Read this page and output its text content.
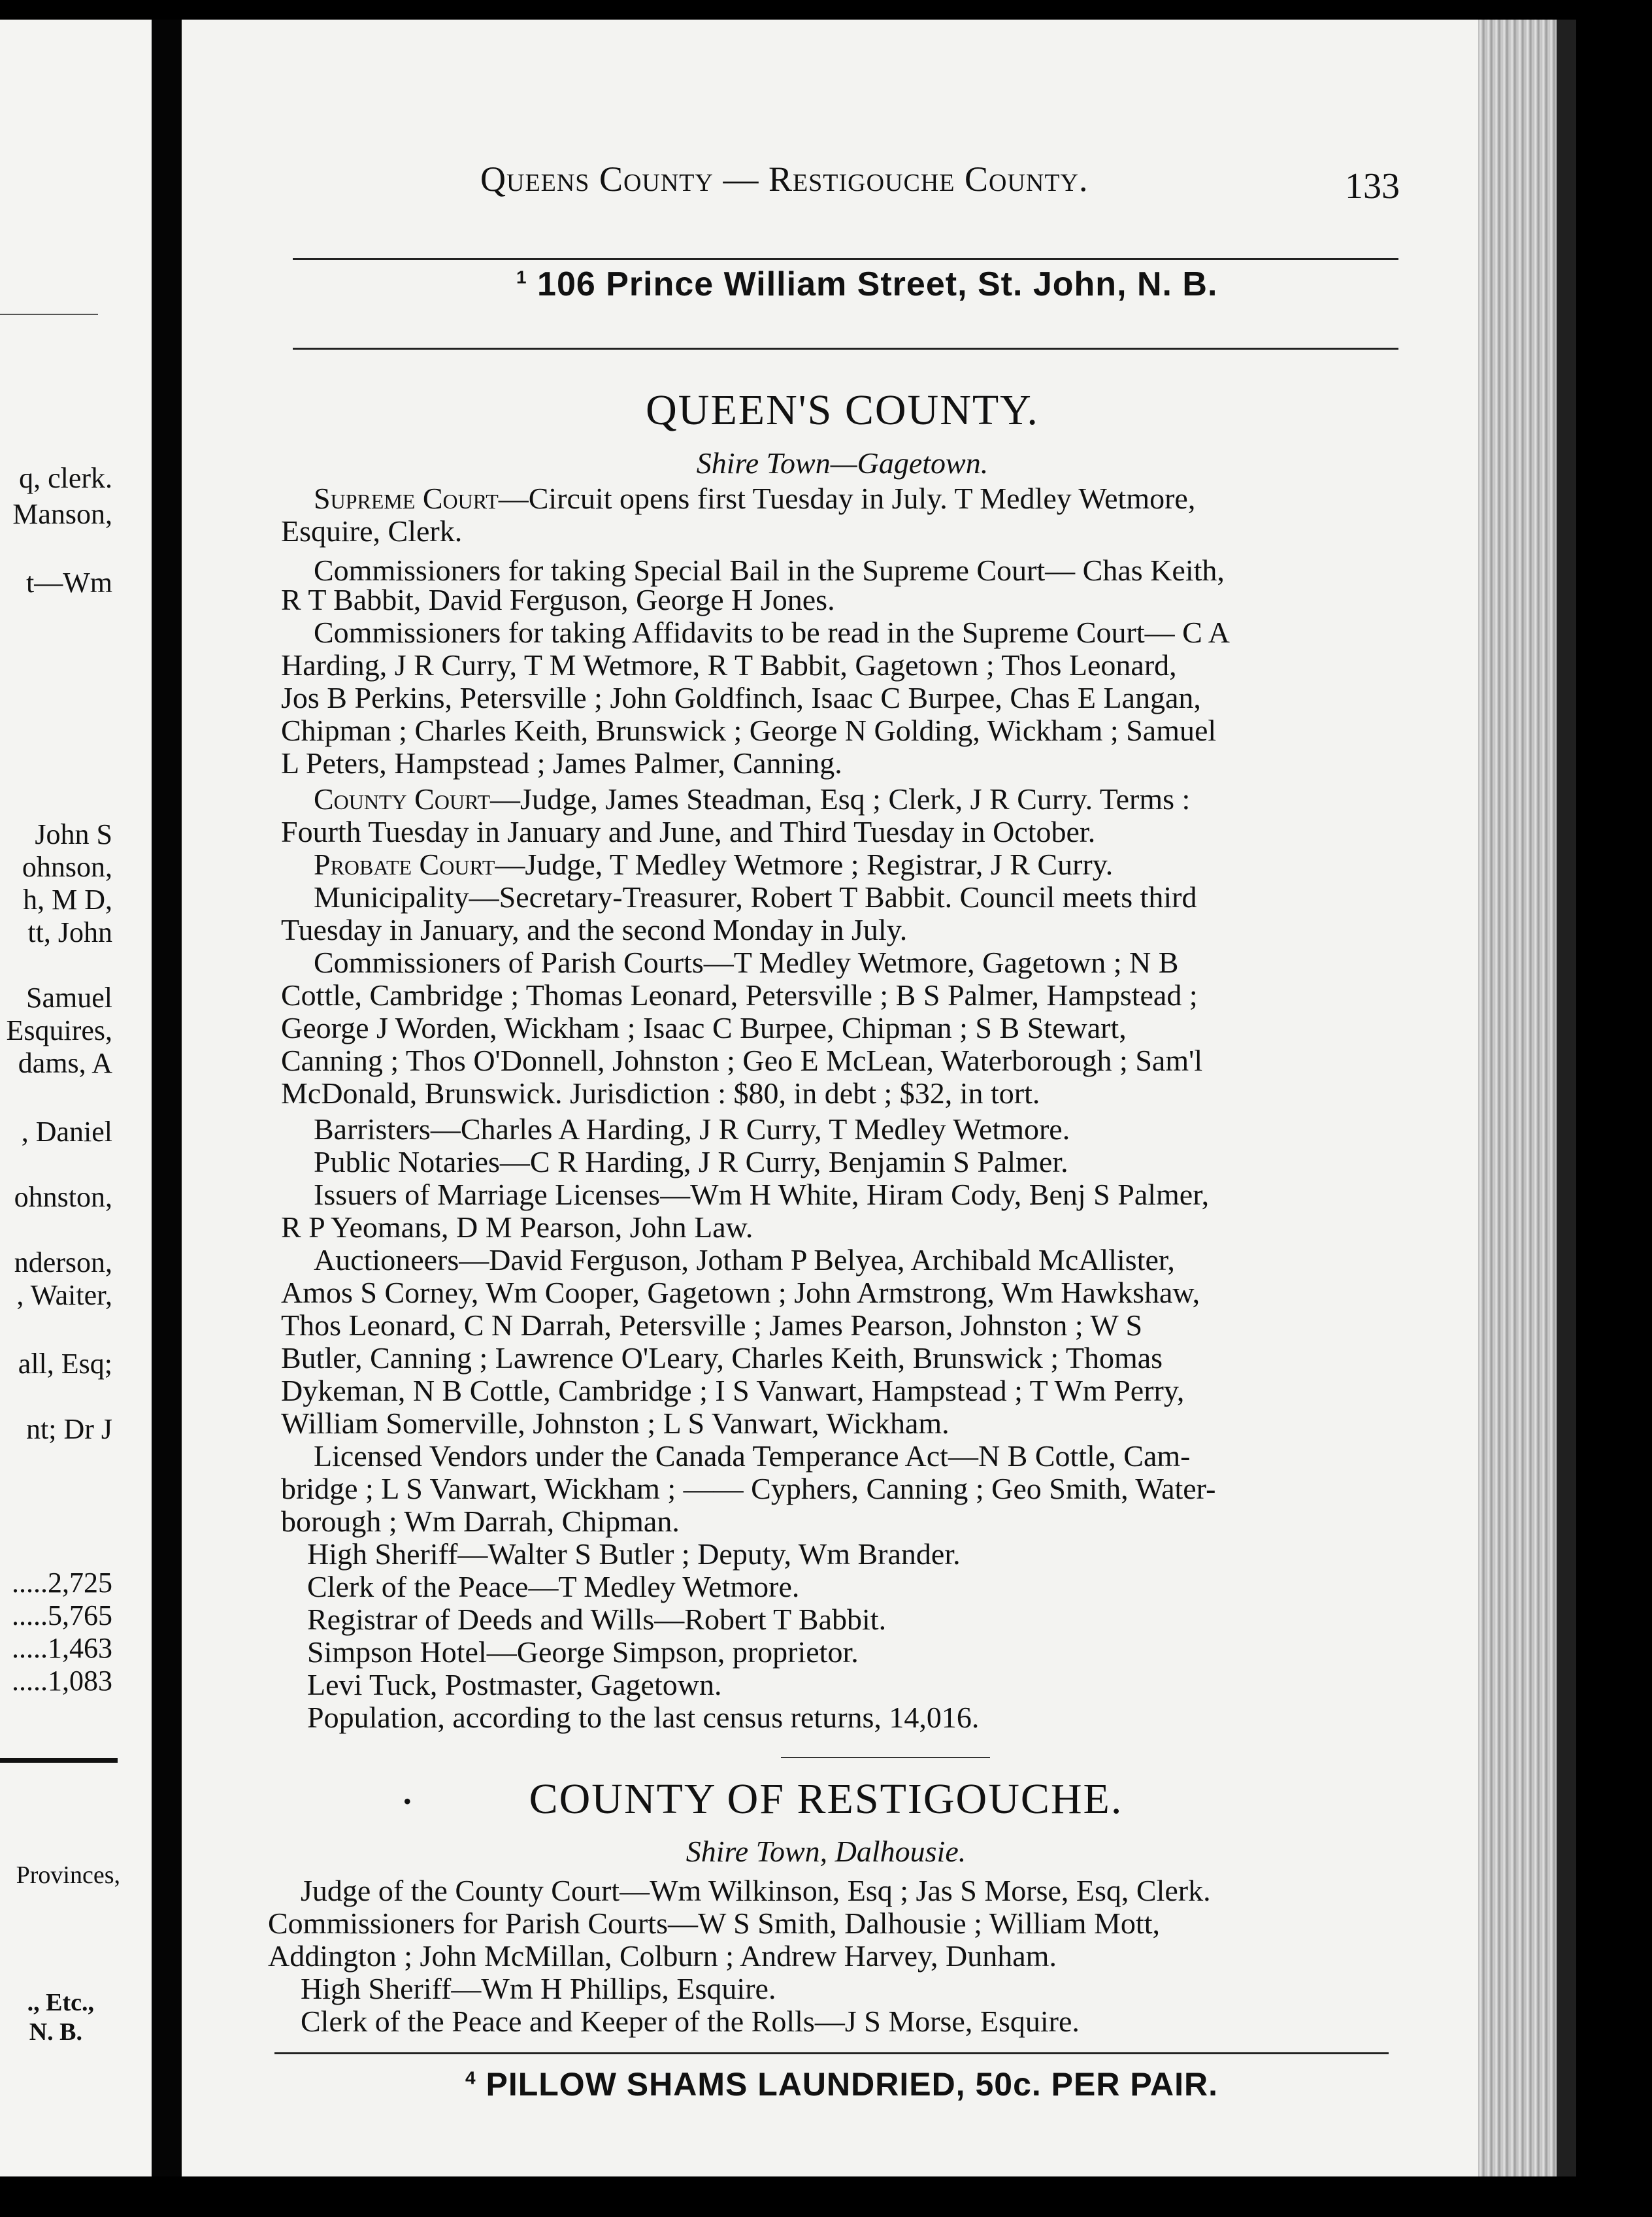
q, clerk.
Manson,
t—Wm
John S
ohnson,
h, M D,
tt, John
Samuel
Esquires,
dams, A
, Daniel
ohnston,
nderson,
, Waiter,
all, Esq;
nt; Dr J
.....2,725
.....5,765
.....1,463
.....1,083
Provinces,
., Etc.,
N. B.
Queens County — Restigouche County.	133
$^1$ 106 Prince William Street, St. John, N. B.
QUEEN'S COUNTY.
Shire Town—Gagetown.
Supreme Court—Circuit opens first Tuesday in July. T Medley Wetmore,
Esquire, Clerk.
Commissioners for taking Special Bail in the Supreme Court— Chas Keith,
R T Babbit, David Ferguson, George H Jones.
Commissioners for taking Affidavits to be read in the Supreme Court— C A
Harding, J R Curry, T M Wetmore, R T Babbit, Gagetown ; Thos Leonard,
Jos B Perkins, Petersville ; John Goldfinch, Isaac C Burpee, Chas E Langan,
Chipman ; Charles Keith, Brunswick ; George N Golding, Wickham ; Samuel
L Peters, Hampstead ; James Palmer, Canning.
County Court—Judge, James Steadman, Esq ; Clerk, J R Curry. Terms :
Fourth Tuesday in January and June, and Third Tuesday in October.
Probate Court—Judge, T Medley Wetmore ; Registrar, J R Curry.
Municipality—Secretary-Treasurer, Robert T Babbit. Council meets third
Tuesday in January, and the second Monday in July.
Commissioners of Parish Courts—T Medley Wetmore, Gagetown ; N B
Cottle, Cambridge ; Thomas Leonard, Petersville ; B S Palmer, Hampstead ;
George J Worden, Wickham ; Isaac C Burpee, Chipman ; S B Stewart,
Canning ; Thos O'Donnell, Johnston ; Geo E McLean, Waterborough ; Sam'l
McDonald, Brunswick. Jurisdiction : $80, in debt ; $32, in tort.
Barristers—Charles A Harding, J R Curry, T Medley Wetmore.
Public Notaries—C R Harding, J R Curry, Benjamin S Palmer.
Issuers of Marriage Licenses—Wm H White, Hiram Cody, Benj S Palmer,
R P Yeomans, D M Pearson, John Law.
Auctioneers—David Ferguson, Jotham P Belyea, Archibald McAllister,
Amos S Corney, Wm Cooper, Gagetown ; John Armstrong, Wm Hawkshaw,
Thos Leonard, C N Darrah, Petersville ; James Pearson, Johnston ; W S
Butler, Canning ; Lawrence O'Leary, Charles Keith, Brunswick ; Thomas
Dykeman, N B Cottle, Cambridge ; I S Vanwart, Hampstead ; T Wm Perry,
William Somerville, Johnston ; L S Vanwart, Wickham.
Licensed Vendors under the Canada Temperance Act—N B Cottle, Cam-
bridge ; L S Vanwart, Wickham ; —— Cyphers, Canning ; Geo Smith, Water-
borough ; Wm Darrah, Chipman.
High Sheriff—Walter S Butler ; Deputy, Wm Brander.
Clerk of the Peace—T Medley Wetmore.
Registrar of Deeds and Wills—Robert T Babbit.
Simpson Hotel—George Simpson, proprietor.
Levi Tuck, Postmaster, Gagetown.
Population, according to the last census returns, 14,016.
•	COUNTY OF RESTIGOUCHE.
Shire Town, Dalhousie.
Judge of the County Court—Wm Wilkinson, Esq ; Jas S Morse, Esq, Clerk.
Commissioners for Parish Courts—W S Smith, Dalhousie ; William Mott,
Addington ; John McMillan, Colburn ; Andrew Harvey, Dunham.
High Sheriff—Wm H Phillips, Esquire.
Clerk of the Peace and Keeper of the Rolls—J S Morse, Esquire.
$^4$ PILLOW SHAMS LAUNDRIED, 50c. PER PAIR.
